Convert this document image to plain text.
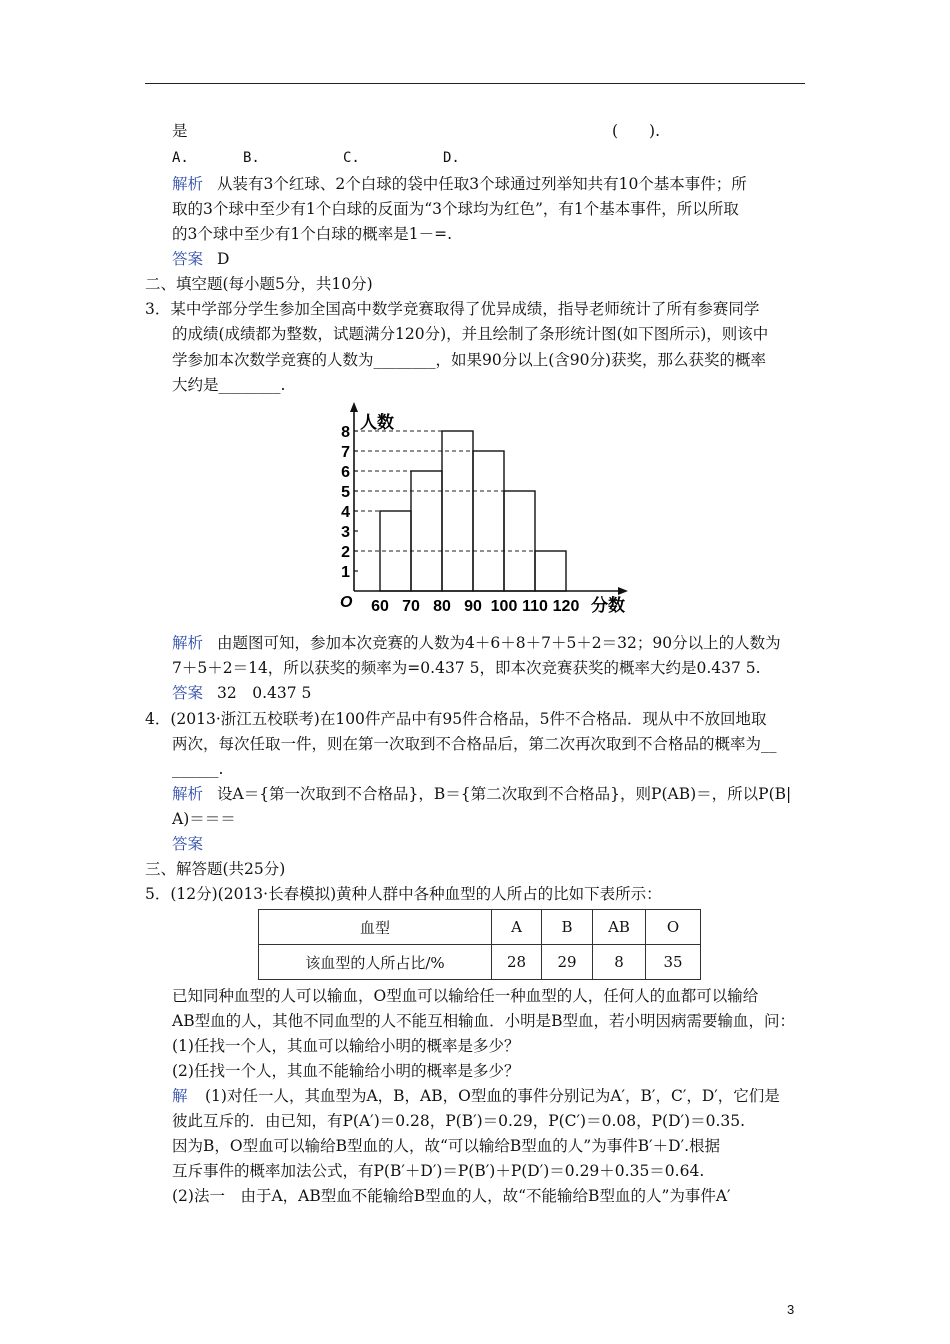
是	(　　).
A.	B.	C.	D.
解析 从装有3个红球、2个白球的袋中任取3个球通过列举知共有10个基本事件；所
取的3个球中至少有1个白球的反面为“3个球均为红色”，有1个基本事件，所以所取
的3个球中至少有1个白球的概率是1－=.
答案 D
二、填空题(每小题5分，共10分)
3．某中学部分学生参加全国高中数学竞赛取得了优异成绩，指导老师统计了所有参赛同学
的成绩(成绩都为整数，试题满分120分)，并且绘制了条形统计图(如下图所示)，则该中
学参加本次数学竞赛的人数为________，如果90分以上(含90分)获奖，那么获奖的概率
大约是________.
1
2
3
4
5
6
7
8
60 70 80 90 100 110 120
人数
分数
O
解析 由题图可知，参加本次竞赛的人数为4＋6＋8＋7＋5＋2＝32；90分以上的人数为
7＋5＋2＝14，所以获奖的频率为=0.437 5，即本次竞赛获奖的概率大约是0.437 5.
答案 32　0.437 5
4．(2013·浙江五校联考)在100件产品中有95件合格品，5件不合格品．现从中不放回地取
两次，每次任取一件，则在第一次取到不合格品后，第二次再次取到不合格品的概率为__
______.
解析 设A＝{第一次取到不合格品}，B＝{第二次取到不合格品}，则P(AB)＝，所以P(B|
A)＝＝＝
答案
三、解答题(共25分)
5．(12分)(2013·长春模拟)黄种人群中各种血型的人所占的比如下表所示：
血型	A	B	AB	O
该血型的人所占比/%	28	29	8	35
已知同种血型的人可以输血，O型血可以输给任一种血型的人，任何人的血都可以输给
AB型血的人，其他不同血型的人不能互相输血．小明是B型血，若小明因病需要输血，问：
(1)任找一个人，其血可以输给小明的概率是多少？
(2)任找一个人，其血不能输给小明的概率是多少？
解 (1)对任一人，其血型为A，B，AB，O型血的事件分别记为A′，B′，C′，D′，它们是
彼此互斥的．由已知，有P(A′)＝0.28，P(B′)＝0.29，P(C′)＝0.08，P(D′)＝0.35.
因为B，O型血可以输给B型血的人，故“可以输给B型血的人”为事件B′＋D′.根据
互斥事件的概率加法公式，有P(B′＋D′)＝P(B′)＋P(D′)＝0.29＋0.35＝0.64.
(2)法一　由于A，AB型血不能输给B型血的人，故“不能输给B型血的人”为事件A′
3
